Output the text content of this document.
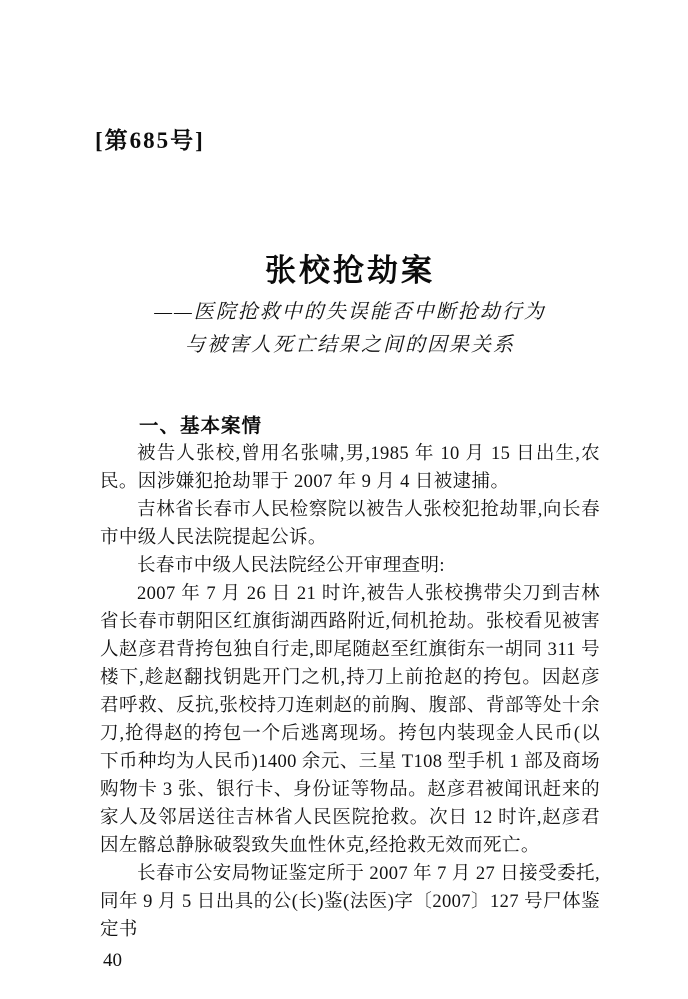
[第685号]
张校抢劫案
——医院抢救中的失误能否中断抢劫行为
与被害人死亡结果之间的因果关系
一、基本案情

被告人张校,曾用名张啸,男,1985 年 10 月 15 日出生,农民。因涉嫌犯抢劫罪于 2007 年 9 月 4 日被逮捕。

吉林省长春市人民检察院以被告人张校犯抢劫罪,向长春市中级人民法院提起公诉。

长春市中级人民法院经公开审理查明:

2007 年 7 月 26 日 21 时许,被告人张校携带尖刀到吉林省长春市朝阳区红旗街湖西路附近,伺机抢劫。张校看见被害人赵彦君背挎包独自行走,即尾随赵至红旗街东一胡同 311 号楼下,趁赵翻找钥匙开门之机,持刀上前抢赵的挎包。因赵彦君呼救、反抗,张校持刀连刺赵的前胸、腹部、背部等处十余刀,抢得赵的挎包一个后逃离现场。挎包内装现金人民币(以下币种均为人民币)1400 余元、三星 T108 型手机 1 部及商场购物卡 3 张、银行卡、身份证等物品。赵彦君被闻讯赶来的家人及邻居送往吉林省人民医院抢救。次日 12 时许,赵彦君因左髂总静脉破裂致失血性休克,经抢救无效而死亡。

长春市公安局物证鉴定所于 2007 年 7 月 27 日接受委托,同年 9 月 5 日出具的公(长)鉴(法医)字〔2007〕127 号尸体鉴定书

40
